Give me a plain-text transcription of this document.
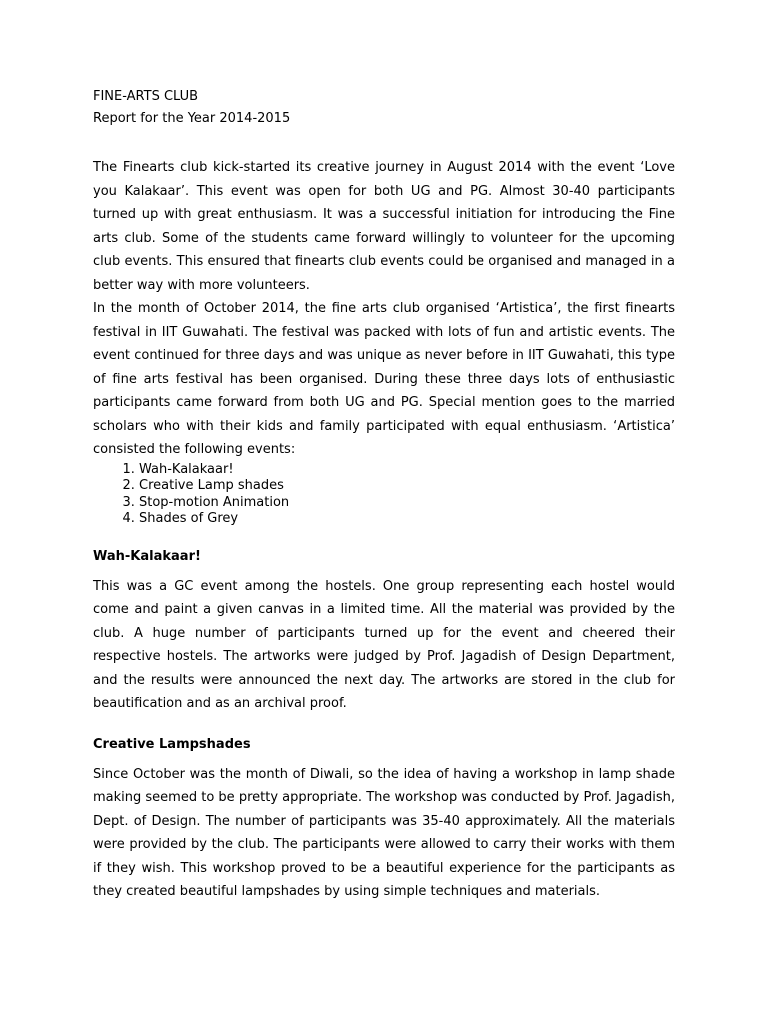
FINE-ARTS CLUB

Report for the Year 2014-2015

The Finearts club kick-started its creative journey in August 2014 with the event ‘Love you Kalakaar’. This event was open for both UG and PG. Almost 30-40 participants turned up with great enthusiasm. It was a successful initiation for introducing the Fine arts club. Some of the students came forward willingly to volunteer for the upcoming club events. This ensured that finearts club events could be organised and managed in a better way with more volunteers.

In the month of October 2014, the fine arts club organised ‘Artistica’, the first finearts festival in IIT Guwahati. The festival was packed with lots of fun and artistic events. The event continued for three days and was unique as never before in IIT Guwahati, this type of fine arts festival has been organised. During these three days lots of enthusiastic participants came forward from both UG and PG. Special mention goes to the married scholars who with their kids and family participated with equal enthusiasm. ‘Artistica’ consisted the following events:

1. Wah-Kalakaar!
2. Creative Lamp shades
3. Stop-motion Animation
4. Shades of Grey

Wah-Kalakaar!

This was a GC event among the hostels. One group representing each hostel would come and paint a given canvas in a limited time. All the material was provided by the club. A huge number of participants turned up for the event and cheered their respective hostels. The artworks were judged by Prof. Jagadish of Design Department, and the results were announced the next day. The artworks are stored in the club for beautification and as an archival proof.

Creative Lampshades

Since October was the month of Diwali, so the idea of having a workshop in lamp shade making seemed to be pretty appropriate. The workshop was conducted by Prof. Jagadish, Dept. of Design. The number of participants was 35-40 approximately. All the materials were provided by the club. The participants were allowed to carry their works with them if they wish. This workshop proved to be a beautiful experience for the participants as they created beautiful lampshades by using simple techniques and materials.
